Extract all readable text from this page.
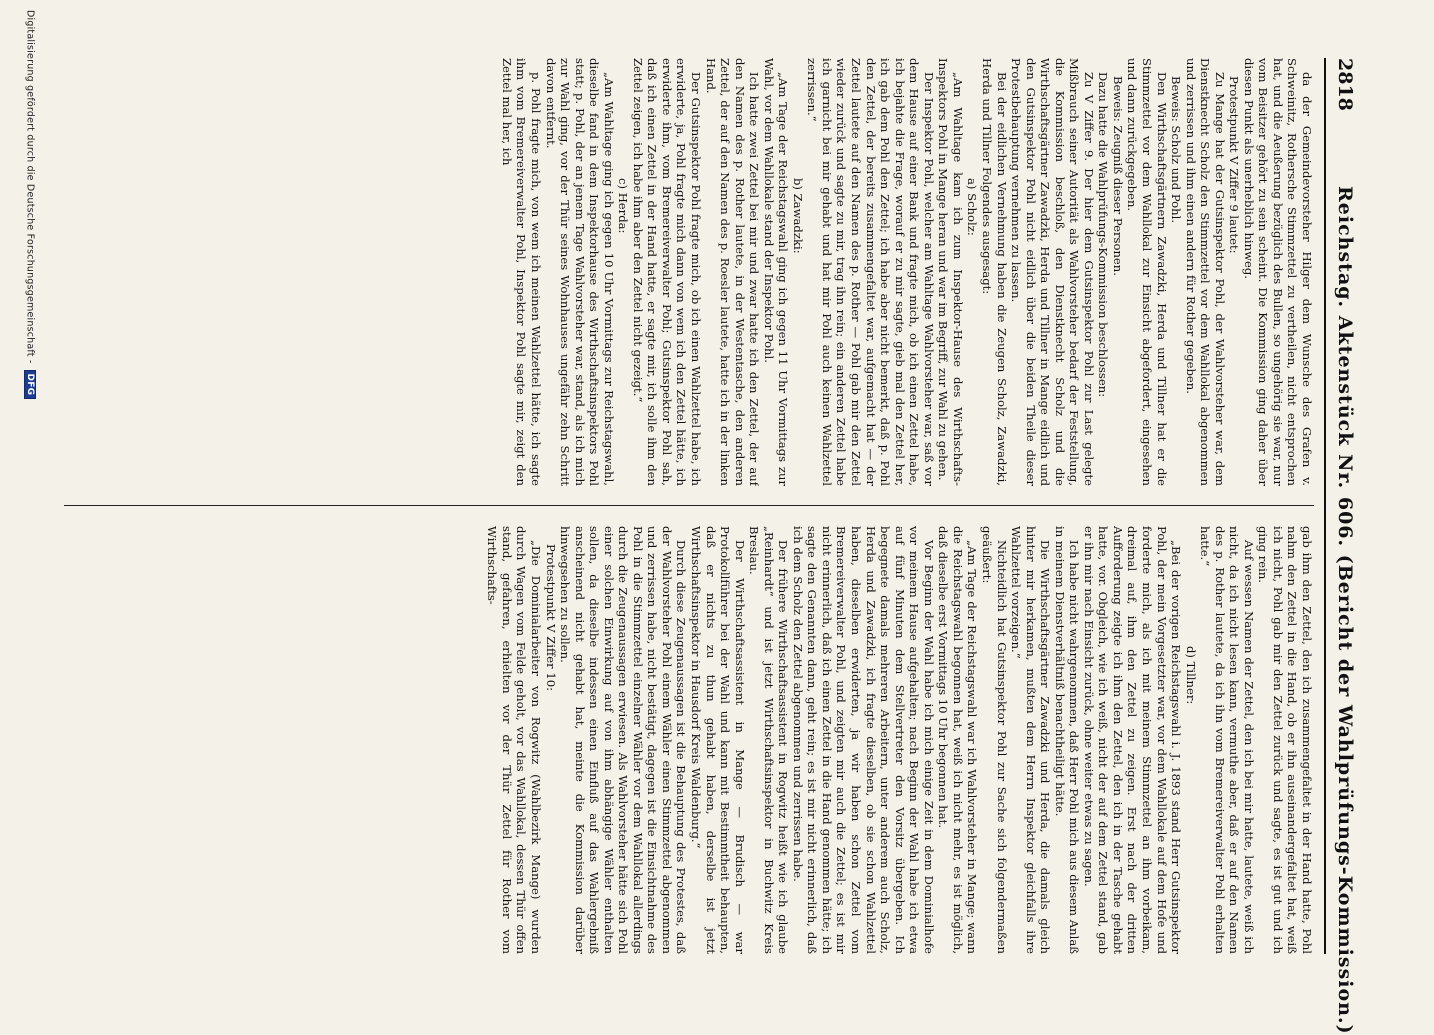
2818
Reichstag. Aktenstück Nr. 606. (Bericht der Wahlprüfungs-Kommission.)

da der Gemeindevorsteher Hilger dem Wunsche des Grafen v. Schweinitz, Rothersche Stimmzettel zu vertheilen, nicht entsprochen hat, und die Aeußerung bezüglich des Bullen, so ungehörig sie war, nur vom Beisitzer gehört zu sein scheint. Die Kommission ging daher über diesen Punkt als unerheblich hinweg.

Protestpunkt V Ziffer 9 lautet:

Zu Mange hat der Gutsinspektor Pohl, der Wahlvorsteher war, dem Dienstknecht Scholz den Stimmzettel vor dem Wahllokal abgenommen und zerrissen und ihm einen andern für Rother gegeben.

Beweis: Scholz und Pohl.

Den Wirthschaftsgärtnern Zawadzki, Herda und Tillner hat er die Stimmzettel vor dem Wahllokal zur Einsicht abgefordert, eingesehen und dann zurückgegeben.

Beweis: Zeugniß dieser Personen.

Dazu hatte die Wahlprüfungs-Kommission beschlossen:

Zu V Ziffer 9. Der hier dem Gutsinspektor Pohl zur Last gelegte Mißbrauch seiner Autorität als Wahlvorsteher bedarf der Feststellung, die Kommission beschloß, den Dienstknecht Scholz und die Wirthschaftsgärtner Zawadzki, Herda und Tillner in Mange eidlich und den Gutsinspektor Pohl nicht eidlich über die beiden Theile dieser Protestbehauptung vernehmen zu lassen.

Bei der eidlichen Vernehmung haben die Zeugen Scholz, Zawadzki, Herda und Tillner Folgendes ausgesagt:

a) Scholz:

„Am Wahltage kam ich zum Inspektor-Hause des Wirthschafts-Inspektors Pohl in Mange heran und war im Begriff, zur Wahl zu gehen.

Der Inspektor Pohl, welcher am Wahltage Wahlvorsteher war, saß vor dem Hause auf einer Bank und fragte mich, ob ich einen Zettel habe, ich bejahte die Frage, worauf er zu mir sagte, gieb mal den Zettel her, ich gab dem Pohl den Zettel; ich habe aber nicht bemerkt, daß p. Pohl den Zettel, der bereits zusammengefaltet war, aufgemacht hat — der Zettel lautete auf den Namen des p. Rother — Pohl gab mir den Zettel wieder zurück und sagte zu mir, trag ihn rein; ein anderen Zettel habe ich garnicht bei mir gehabt und hat mir Pohl auch keinen Wahlzettel zerrissen.“

b) Zawadzki:

„Am Tage der Reichstagswahl ging ich gegen 11 Uhr Vormittags zur Wahl, vor dem Wahllokale stand der Inspektor Pohl.

Ich hatte zwei Zettel bei mir und zwar hatte ich den Zettel, der auf den Namen des p. Rother lautete, in der Westentasche, den anderen Zettel, der auf den Namen des p. Roesler lautete, hatte ich in der linken Hand.

Der Gutsinspektor Pohl fragte mich, ob ich einen Wahlzettel habe, ich erwiderte, ja, Pohl fragte mich dann von wem ich den Zettel hätte, ich erwiderte ihm, vom Bremereiverwalter Pohl; Gutsinspektor Pohl sah, daß ich einen Zettel in der Hand hatte, er sagte mir, ich solle ihm den Zettel zeigen, ich habe ihm aber den Zettel nicht gezeigt.“

c) Herda:

„Am Wahltage ging ich gegen 10 Uhr Vormittags zur Reichstagswahl, dieselbe fand in dem Inspektorhause des Wirthschaftsinspektors Pohl statt; p. Pohl, der an jenem Tage Wahlvorsteher war, stand, als ich mich zur Wahl ging, vor der Thür seines Wohnhauses ungefähr zehn Schritt davon entfernt.

p. Pohl fragte mich, von wem ich meinen Wahlzettel hätte, ich sagte ihm vom Bremereiverwalter Pohl, Inspektor Pohl sagte mir, zeigt den Zettel mal her, ich

gab ihm den Zettel, den ich zusammengefaltet in der Hand hatte, Pohl nahm den Zettel in die Hand, ob er ihn auseinandergefaltet hat, weiß ich nicht, Pohl gab mir den Zettel zurück und sagte, es ist gut und ich ging rein.

Auf wessen Namen der Zettel, den ich bei mir hatte, lautete, weiß ich nicht, da ich nicht lesen kann, vermuthe aber, daß er auf den Namen des p. Rother lautete, da ich ihn vom Bremereiverwalter Pohl erhalten hatte.“

d) Tillner:

„Bei der vorigen Reichstagswahl i. J. 1893 stand Herr Gutsinspektor Pohl, der mein Vorgesetzter war, vor dem Wahllokale auf dem Hofe und forderte mich, als ich mit meinem Stimmzettel an ihm vorbeikam, dreimal auf, ihm den Zettel zu zeigen. Erst nach der dritten Aufforderung zeigte ich ihm den Zettel, den ich in der Tasche gehabt hatte, vor. Obgleich, wie ich weiß, nicht der auf dem Zettel stand, gab er ihn mir nach Einsicht zurück, ohne weiter etwas zu sagen.

Ich habe nicht wahrgenommen, daß Herr Pohl mich aus diesem Anlaß in meinem Dienstverhältniß benachtheiligt hätte.

Die Wirthschaftsgärtner Zawadzki und Herda, die damals gleich hinter mir herkamen, mußten dem Herrn Inspektor gleichfalls ihre Wahlzettel vorzeigen.“

Nichteidlich hat Gutsinspektor Pohl zur Sache sich folgendermaßen geäußert:

„Am Tage der Reichstagswahl war ich Wahlvorsteher in Mange; wann die Reichstagswahl begonnen hat, weiß ich nicht mehr, es ist möglich, daß dieselbe erst Vormittags 10 Uhr begonnen hat.

Vor Beginn der Wahl habe ich mich einige Zeit in dem Dominialhofe vor meinem Hause aufgehalten; nach Beginn der Wahl habe ich etwa auf fünf Minuten dem Stellvertreter den Vorsitz übergeben. Ich begegnete damals mehreren Arbeitern, unter anderem auch Scholz, Herda und Zawadzki, ich fragte dieselben, ob sie schon Wahlzettel haben, dieselben erwiderten, ja wir haben schon Zettel vom Bremereiverwalter Pohl, und zeigten mir auch die Zettel; es ist mir nicht erinnerlich, daß ich einen Zettel in die Hand genommen hätte; ich sagte den Genannten dann, geht rein; es ist mir nicht erinnerlich, daß ich dem Scholz den Zettel abgenommen und zerrissen habe.

Der frühere Wirthschaftsassistent in Rogwitz heißt wie ich glaube „Reinhardt“ und ist jetzt Wirthschaftsinspektor in Buchwitz Kreis Breslau.

Der Wirthschaftsassistent in Mange — Brudisch — war Protokollführer bei der Wahl und kann mit Bestimmtheit behaupten, daß er nichts zu thun gehabt haben, derselbe ist jetzt Wirthschaftsinspektor in Hausdorf Kreis Waldenburg.“

Durch diese Zeugenaussagen ist die Behauptung des Protestes, daß der Wahlvorsteher Pohl einem Wähler einen Stimmzettel abgenommen und zerrissen habe, nicht bestätigt, dagegen ist die Einsichtnahme des Pohl in die Stimmzettel einzelner Wähler vor dem Wahllokal allerdings durch die Zeugenaussagen erwiesen. Als Wahlvorsteher hätte sich Pohl einer solchen Einwirkung auf von ihm abhängige Wähler enthalten sollen, da dieselbe indessen einen Einfluß auf das Wahlergebniß anscheinend nicht gehabt hat, meinte die Kommission darüber hinwegsehen zu sollen.

Protestpunkt V Ziffer 10:

„Die Dominialarbeiter von Rogwitz (Wahlbezirk Mange) wurden durch Wagen vom Felde geholt, vor das Wahllokal, dessen Thür offen stand, gefahren, erhielten vor der Thür Zettel für Rother vom Wirthschafts-

Digitalisierung gefördert durch die Deutsche Forschungsgemeinschaft -DFG
